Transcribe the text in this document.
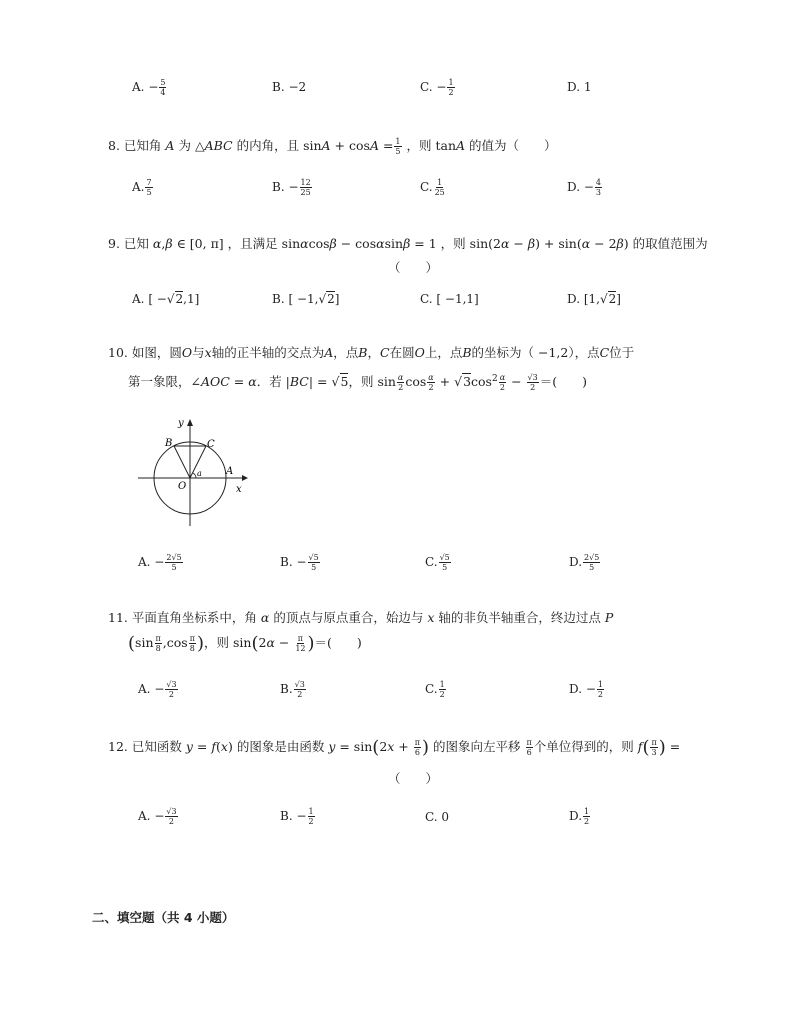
A. − $\frac{5}{4}$	B. −2	C. − $\frac{1}{2}$	D. 1
8. 已知角 A 为 △ABC 的内角，且 $\sin A + \cos A = \frac{1}{5}$ ，则 tanA 的值为（　　）
A. $\frac{7}{5}$	B. − $\frac{12}{25}$	C. $\frac{1}{25}$	D. − $\frac{4}{3}$
9. 已知 α,β ∈ [0, π] ，且满足 sinαcosβ − cosαsinβ = 1 ，则 sin(2α − β) + sin(α − 2β) 的取值范围为
（　　）
A. [ −√2,1]	B. [ −1,√2]	C. [ −1,1]	D. [1,√2]
10. 如图，圆O与x轴的正半轴的交点为A，点B，C在圆O上，点B的坐标为（ −1,2），点C位于
第一象限，∠AOC = α．若 |BC| = √5，则 $\sin \frac{\alpha}{2}$ $\cos \frac{\alpha}{2} + √3\cos^2 \frac{\alpha}{2} - \frac{√3}{2}$ ＝(　　)
y
x
B	C
A
O
a
A. − $\frac{2√5}{5}$	B. − $\frac{√5}{5}$	C. $\frac{√5}{5}$	D. $\frac{2√5}{5}$
11. 平面直角坐标系中，角 α 的顶点与原点重合，始边与 x 轴的非负半轴重合，终边过点 P
($\sin \frac{\pi}{8} ,\cos \frac{\pi}{8}$ )，则 $\sin(2\alpha - \frac{\pi}{12}$ )＝(　　)
A. − $\frac{√3}{2}$	B. $\frac{√3}{2}$	C. $\frac{1}{2}$	D. − $\frac{1}{2}$
12. 已知函数 y = f(x) 的图象是由函数 $y = \sin(2x + \frac{\pi}{6}$ ) 的图象向左平移 $\frac{\pi}{6}$ 个单位得到的，则 $f( \frac{\pi}{3}$ ) =
（　　）
A. − $\frac{√3}{2}$	B. − $\frac{1}{2}$	C. 0	D. $\frac{1}{2}$
二、填空题（共 4 小题）
